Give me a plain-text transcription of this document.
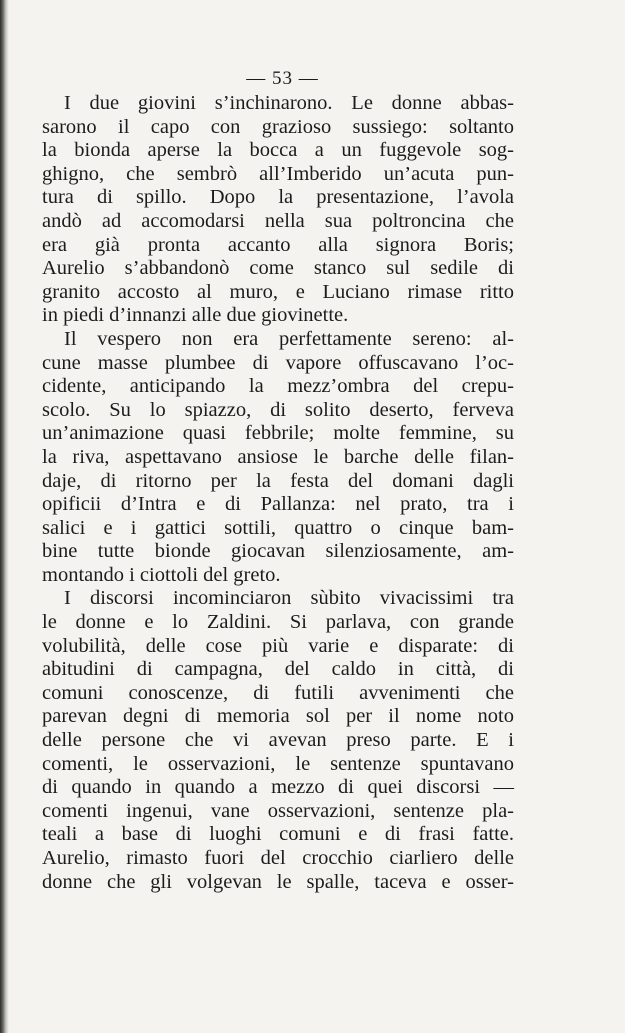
— 53 —
I due giovini s’inchinarono. Le donne abbas-
sarono il capo con grazioso sussiego: soltanto
la bionda aperse la bocca a un fuggevole sog-
ghigno, che sembrò all’Imberido un’acuta pun-
tura di spillo. Dopo la presentazione, l’avola
andò ad accomodarsi nella sua poltroncina che
era già pronta accanto alla signora Boris;
Aurelio s’abbandonò come stanco sul sedile di
granito accosto al muro, e Luciano rimase ritto
in piedi d’innanzi alle due giovinette.
Il vespero non era perfettamente sereno: al-
cune masse plumbee di vapore offuscavano l’oc-
cidente, anticipando la mezz’ombra del crepu-
scolo. Su lo spiazzo, di solito deserto, ferveva
un’animazione quasi febbrile; molte femmine, su
la riva, aspettavano ansiose le barche delle filan-
daje, di ritorno per la festa del domani dagli
opificii d’Intra e di Pallanza: nel prato, tra i
salici e i gattici sottili, quattro o cinque bam-
bine tutte bionde giocavan silenziosamente, am-
montando i ciottoli del greto.
I discorsi incominciaron sùbito vivacissimi tra
le donne e lo Zaldini. Si parlava, con grande
volubilità, delle cose più varie e disparate: di
abitudini di campagna, del caldo in città, di
comuni conoscenze, di futili avvenimenti che
parevan degni di memoria sol per il nome noto
delle persone che vi avevan preso parte. E i
comenti, le osservazioni, le sentenze spuntavano
di quando in quando a mezzo di quei discorsi —
comenti ingenui, vane osservazioni, sentenze pla-
teali a base di luoghi comuni e di frasi fatte.
Aurelio, rimasto fuori del crocchio ciarliero delle
donne che gli volgevan le spalle, taceva e osser-
